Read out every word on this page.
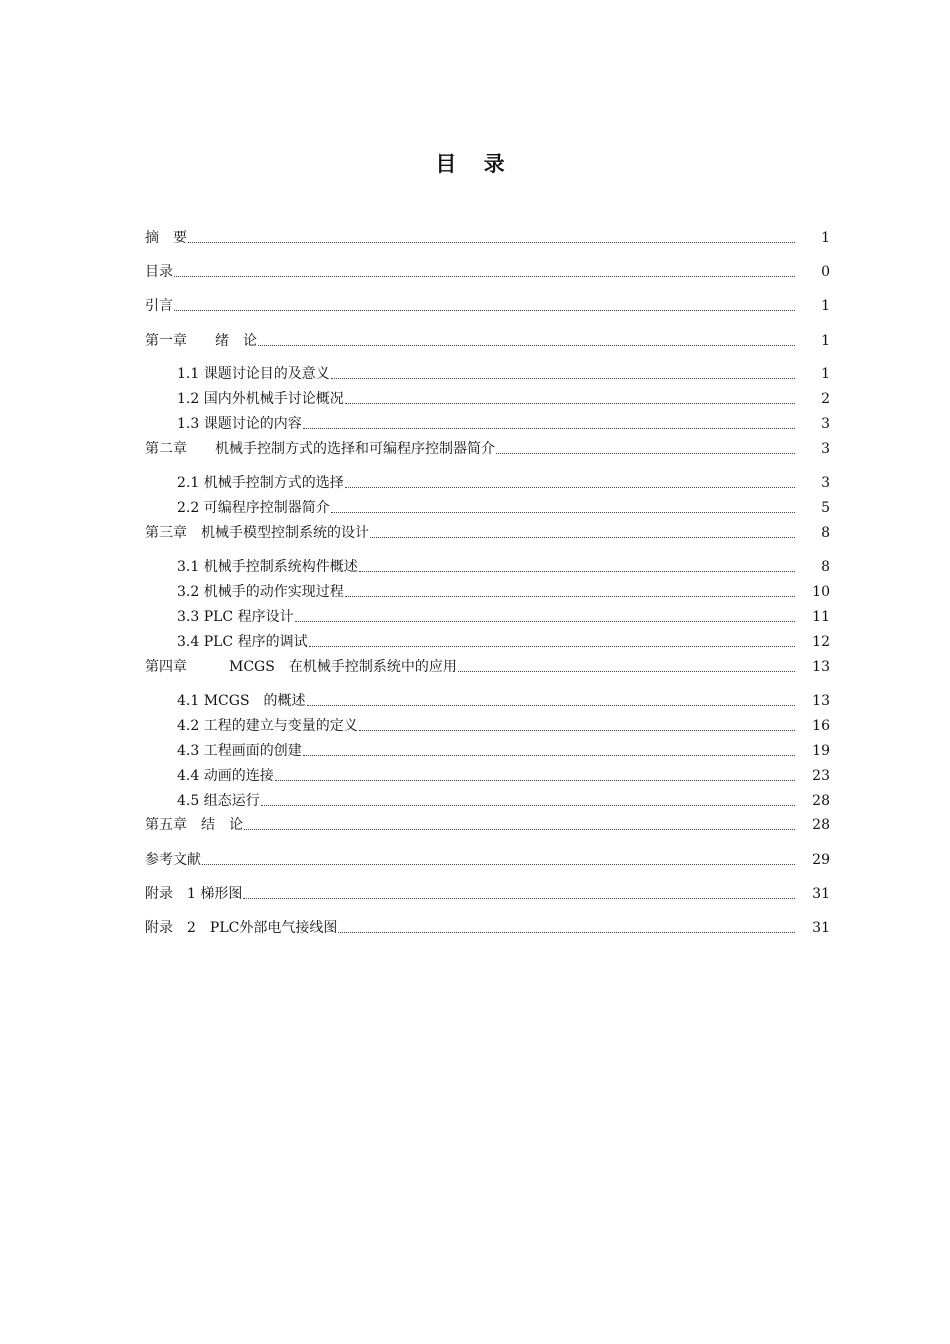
目 录
摘　要	1
目录	0
引言	1
第一章　　绪　论	1
1.1 课题讨论目的及意义	1
1.2 国内外机械手讨论概况	2
1.3 课题讨论的内容	3
第二章　　机械手控制方式的选择和可编程序控制器简介	3
2.1 机械手控制方式的选择	3
2.2 可编程序控制器简介	5
第三章　机械手模型控制系统的设计	8
3.1 机械手控制系统构件概述	8
3.2 机械手的动作实现过程	10
3.3 PLC 程序设计	11
3.4 PLC 程序的调试	12
第四章　　　MCGS　在机械手控制系统中的应用	13
4.1 MCGS　的概述	13
4.2 工程的建立与变量的定义	16
4.3 工程画面的创建	19
4.4 动画的连接	23
4.5 组态运行	28
第五章　结　论	28
参考文献	29
附录　1 梯形图	31
附录　2　PLC外部电气接线图	31
